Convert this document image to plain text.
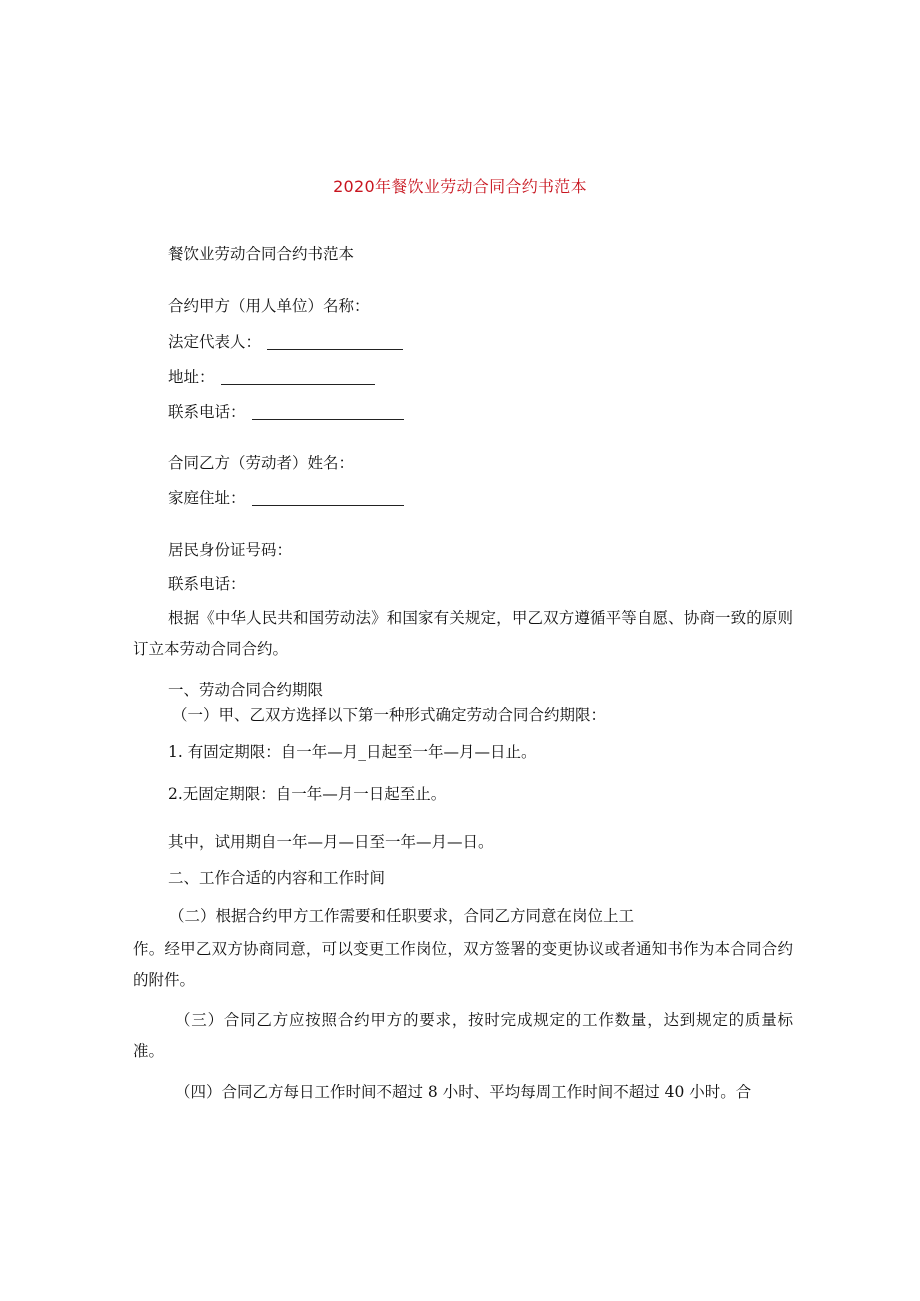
2020年餐饮业劳动合同合约书范本
餐饮业劳动合同合约书范本
合约甲方（用人单位）名称：
法定代表人：
地址：
联系电话：
合同乙方（劳动者）姓名：
家庭住址：
居民身份证号码：
联系电话：
根据《中华人民共和国劳动法》和国家有关规定，甲乙双方遵循平等自愿、协商一致的原则订立本劳动合同合约。
一、劳动合同合约期限
（一）甲、乙双方选择以下第一种形式确定劳动合同合约期限：
1. 有固定期限：自一年—月_日起至一年—月—日止。
2.无固定期限：自一年—月一日起至止。
其中，试用期自一年—月—日至一年—月—日。
二、工作合适的内容和工作时间
（二）根据合约甲方工作需要和任职要求，合同乙方同意在岗位上工
作。经甲乙双方协商同意，可以变更工作岗位，双方签署的变更协议或者通知书作为本合同合约的附件。
（三）合同乙方应按照合约甲方的要求，按时完成规定的工作数量，达到规定的质量标准。
（四）合同乙方每日工作时间不超过 8 小时、平均每周工作时间不超过 40 小时。合
